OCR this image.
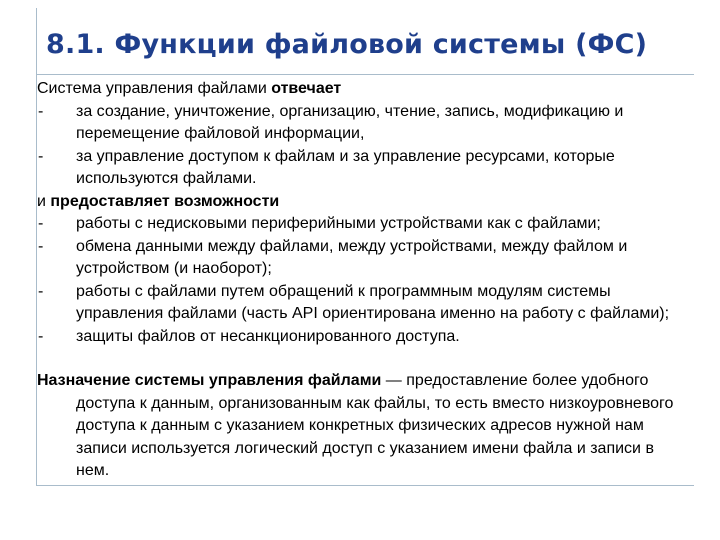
8.1. Функции файловой системы (ФС)

Система управления файлами отвечает

- за создание, уничтожение, организацию, чтение, запись, модификацию и перемещение файловой информации,
- за управление доступом к файлам и за управление ресурсами, которые используются файлами.

и предоставляет возможности

- работы с недисковыми периферийными устройствами как с файлами;
- обмена данными между файлами, между устройствами, между файлом и устройством (и наоборот);
- работы с файлами путем обращений к программным модулям системы управления файлами (часть API ориентирована именно на работу с файлами);
- защиты файлов от несанкционированного доступа.

Назначение системы управления файлами — предоставление более удобного доступа к данным, организованным как файлы, то есть вместо низкоуровневого доступа к данным с указанием конкретных физических адресов нужной нам записи используется логический доступ с указанием имени файла и записи в нем.
